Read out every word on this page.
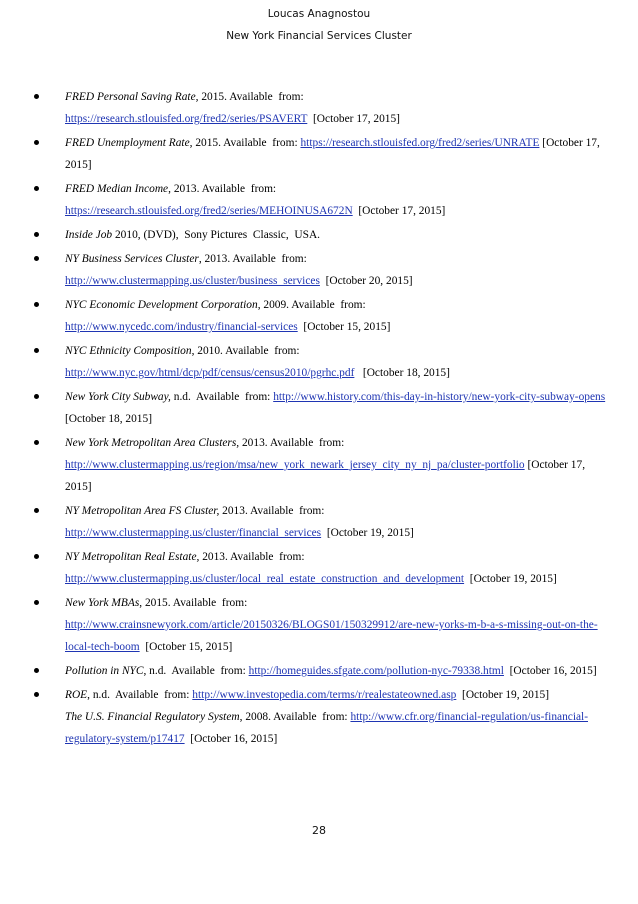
Loucas Anagnostou
New York Financial Services Cluster
FRED Personal Saving Rate, 2015. Available  from:
https://research.stlouisfed.org/fred2/series/PSAVERT  [October 17, 2015]
FRED Unemployment Rate, 2015. Available  from: https://research.stlouisfed.org/fred2/series/UNRATE [October 17, 2015]
FRED Median Income, 2013. Available  from:
https://research.stlouisfed.org/fred2/series/MEHOINUSA672N  [October 17, 2015]
Inside Job 2010, (DVD),  Sony Pictures  Classic,  USA.
NY Business Services Cluster, 2013. Available  from:
http://www.clustermapping.us/cluster/business_services  [October 20, 2015]
NYC Economic Development Corporation, 2009. Available  from:
http://www.nycedc.com/industry/financial-services  [October 15, 2015]
NYC Ethnicity Composition, 2010. Available  from:
http://www.nyc.gov/html/dcp/pdf/census/census2010/pgrhc.pdf   [October 18, 2015]
New York City Subway, n.d.  Available  from: http://www.history.com/this-day-in-history/new-york-city-subway-opens  [October 18, 2015]
New York Metropolitan Area Clusters, 2013. Available  from:
http://www.clustermapping.us/region/msa/new_york_newark_jersey_city_ny_nj_pa/cluster-portfolio [October 17, 2015]
NY Metropolitan Area FS Cluster, 2013. Available  from:
http://www.clustermapping.us/cluster/financial_services  [October 19, 2015]
NY Metropolitan Real Estate, 2013. Available  from:
http://www.clustermapping.us/cluster/local_real_estate_construction_and_development  [October 19, 2015]
New York MBAs, 2015. Available  from:
http://www.crainsnewyork.com/article/20150326/BLOGS01/150329912/are-new-yorks-m-b-a-s-missing-out-on-the-local-tech-boom  [October 15, 2015]
Pollution in NYC, n.d.  Available  from: http://homeguides.sfgate.com/pollution-nyc-79338.html  [October 16, 2015]
ROE, n.d.  Available  from: http://www.investopedia.com/terms/r/realestateowned.asp  [October 19, 2015]
The U.S. Financial Regulatory System, 2008. Available  from: http://www.cfr.org/financial-regulation/us-financial-regulatory-system/p17417  [October 16, 2015]
28
